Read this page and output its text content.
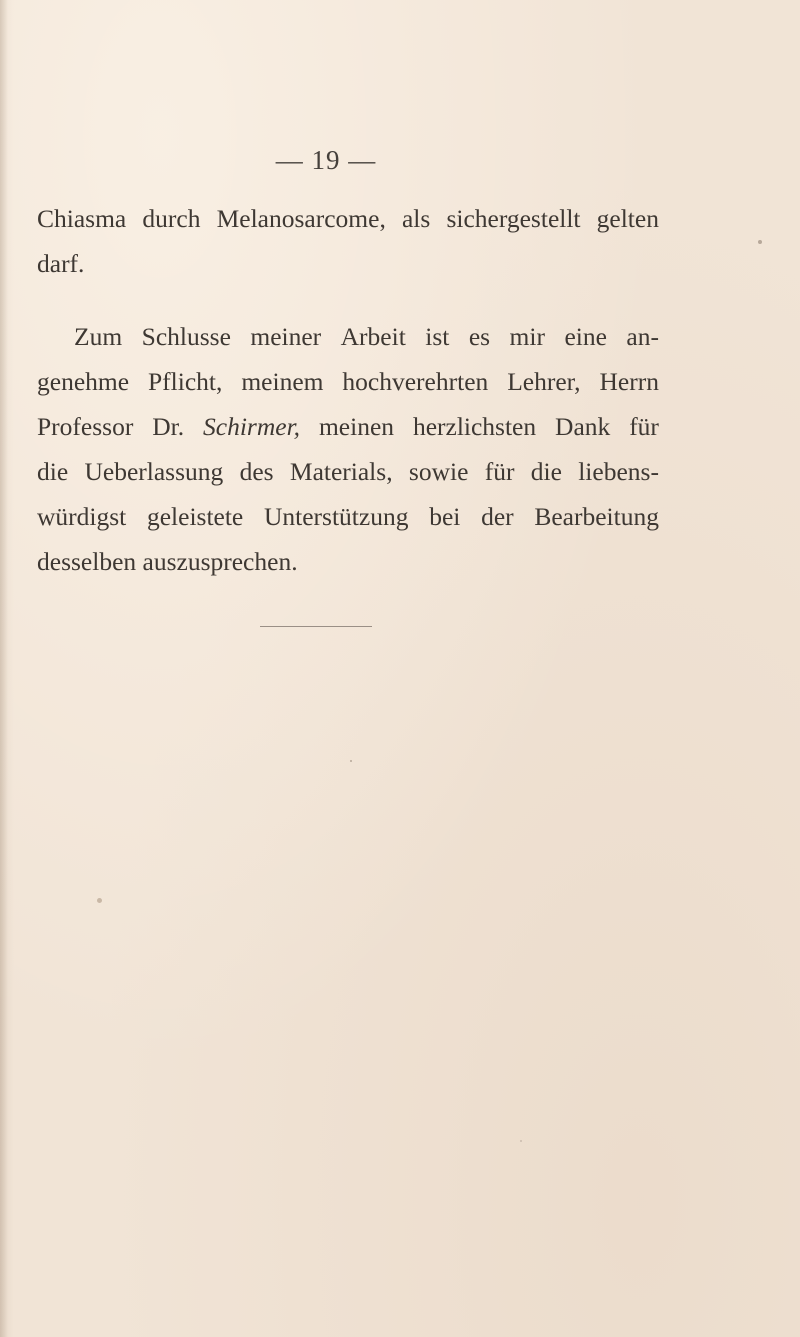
— 19 —
Chiasma durch Melanosarcome, als sichergestellt gelten
darf.
Zum Schlusse meiner Arbeit ist es mir eine an-
genehme Pflicht, meinem hochverehrten Lehrer, Herrn
Professor Dr. Schirmer, meinen herzlichsten Dank für
die Ueberlassung des Materials, sowie für die liebens-
würdigst geleistete Unterstützung bei der Bearbeitung
desselben auszusprechen.
